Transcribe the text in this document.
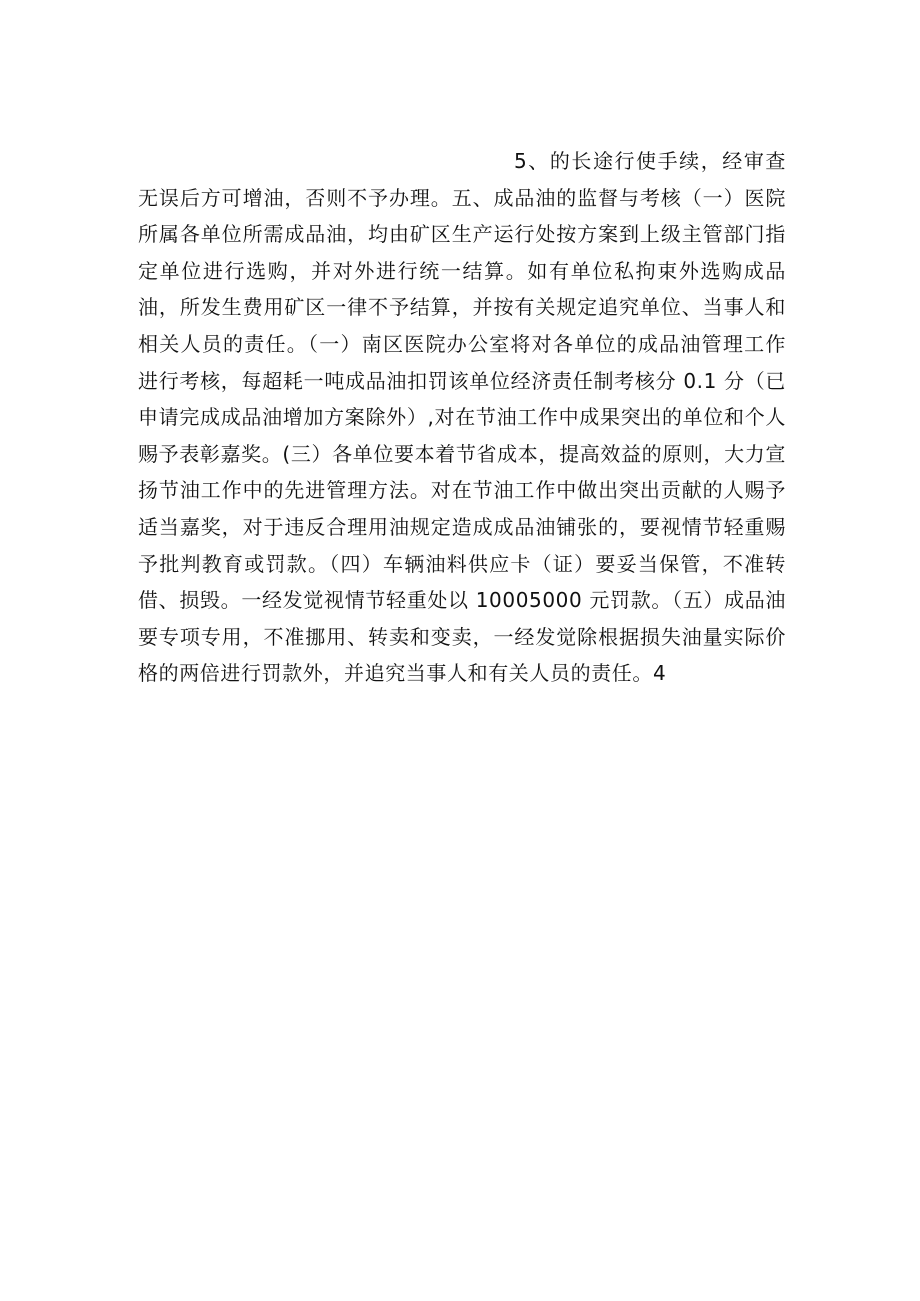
5、的长途行使手续，经审查无误后方可增油，否则不予办理。五、成品油的监督与考核（一）医院所属各单位所需成品油，均由矿区生产运行处按方案到上级主管部门指定单位进行选购，并对外进行统一结算。如有单位私拘束外选购成品油，所发生费用矿区一律不予结算，并按有关规定追究单位、当事人和相关人员的责任。（一）南区医院办公室将对各单位的成品油管理工作进行考核，每超耗一吨成品油扣罚该单位经济责任制考核分 0.1 分（已申请完成成品油增加方案除外）,对在节油工作中成果突出的单位和个人赐予表彰嘉奖。(三）各单位要本着节省成本，提高效益的原则，大力宣扬节油工作中的先进管理方法。对在节油工作中做出突出贡献的人赐予适当嘉奖，对于违反合理用油规定造成成品油铺张的，要视情节轻重赐予批判教育或罚款。（四）车辆油料供应卡（证）要妥当保管，不准转借、损毁。一经发觉视情节轻重处以 10005000 元罚款。（五）成品油要专项专用，不准挪用、转卖和变卖，一经发觉除根据损失油量实际价格的两倍进行罚款外，并追究当事人和有关人员的责任。4
